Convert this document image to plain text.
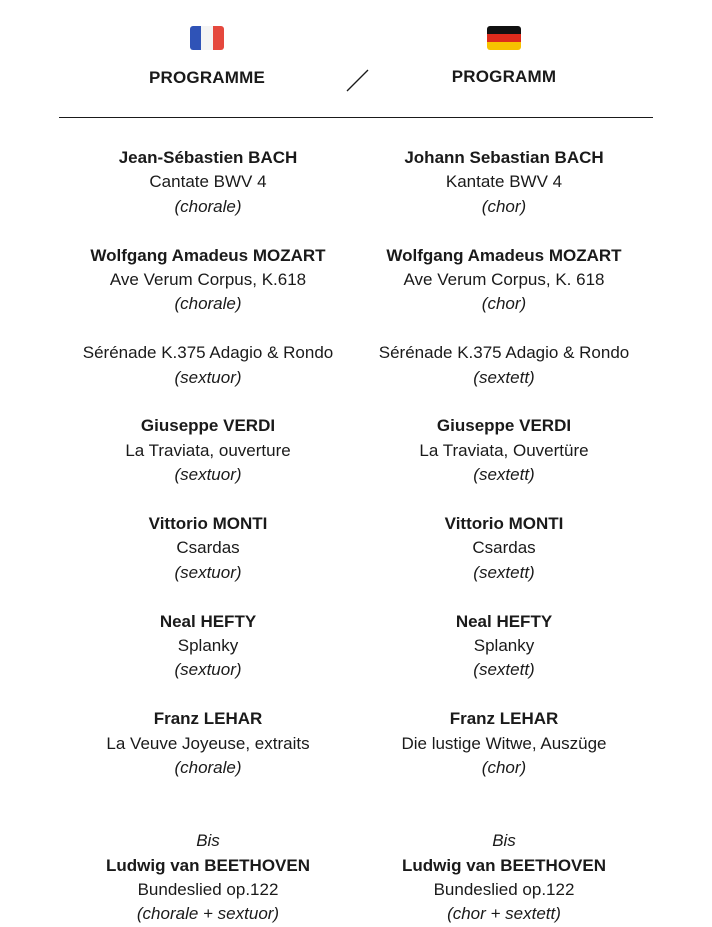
PROGRAMME	PROGRAMM
Jean-Sébastien BACH
Cantate BWV 4
(chorale)
Wolfgang Amadeus MOZART
Ave Verum Corpus, K.618
(chorale)
Sérénade K.375 Adagio & Rondo
(sextuor)
Giuseppe VERDI
La Traviata, ouverture
(sextuor)
Vittorio MONTI
Csardas
(sextuor)
Neal HEFTY
Splanky
(sextuor)
Franz LEHAR
La Veuve Joyeuse, extraits
(chorale)
Bis
Ludwig van BEETHOVEN
Bundeslied op.122
(chorale + sextuor)
Johann Sebastian BACH
Kantate BWV 4
(chor)
Wolfgang Amadeus MOZART
Ave Verum Corpus, K. 618
(chor)
Sérénade K.375 Adagio & Rondo
(sextett)
Giuseppe VERDI
La Traviata, Ouvertüre
(sextett)
Vittorio MONTI
Csardas
(sextett)
Neal HEFTY
Splanky
(sextett)
Franz LEHAR
Die lustige Witwe, Auszüge
(chor)
Bis
Ludwig van BEETHOVEN
Bundeslied op.122
(chor + sextett)
